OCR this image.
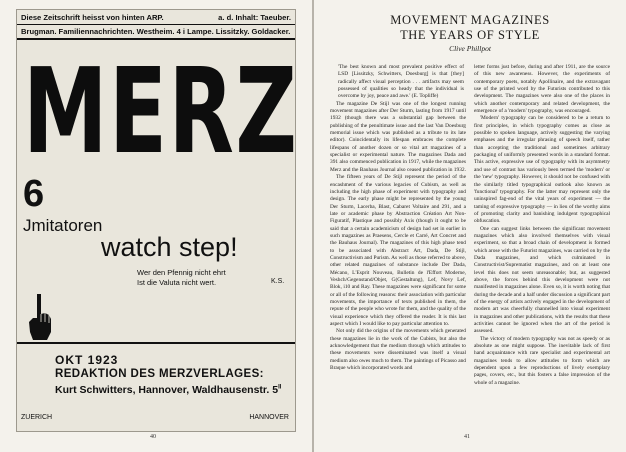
Diese Zeitschrift heisst von hinten ARP.	a. d. Inhalt: Taeuber.
Brugman. Familiennachrichten. Westheim. 4 i Lampe. Lissitzky. Goldacker.
MERZ
6
Jmitatoren
watch step!
Wer den Pfennig nicht ehrt
Ist die Valuta nicht wert.	K.S.
OKT 1923
REDAKTION DES MERZVERLAGES:
Kurt Schwitters, Hannover, Waldhausenstr. $5^{II}$
ZUERICH	HANNOVER
40
MOVEMENT MAGAZINES
THE YEARS OF STYLE
Clive Phillpot

'The best known and most prevalent positive effect of LSD [Lissitzky, Schwitters, Doesburg] is that [they] radically affect visual perception . . . artifacts may seem possessed of qualities so heady that the individual is overcome by joy, peace and awe.' (E. Topliffe)

The magazine De Stijl was one of the longest running movement magazines after Der Sturm, lasting from 1917 until 1932 (though there was a substantial gap between the publishing of the penultimate issue and the last Van Doesburg memorial issue which was published as a tribute to its late editor). Coincidentally its lifespan embraces the complete lifespans of another dozen or so vital art magazines of a specialist or experimental nature. The magazines Dada and 391 also commenced publication in 1917, while the magazines Merz and the Bauhaus Journal also ceased publication in 1932.

The fifteen years of De Stijl represent the period of the encashment of the various legacies of Cubism, as well as including the high phase of experiment with typography and design. The early phase might be represented by the young Der Sturm, Lacerba, Blast, Cabaret Voltaire and 291, and a late or academic phase by Abstraction Création Art Non-Figuratif, Plastique and possibly Axis (though it ought to be said that a certain academicism of design had set in earlier in such magazines as Praesens, Cercle et Carré, Art Concret and the Bauhaus Journal). The magazines of this high phase tend to be associated with Abstract Art, Dada, De Stijl, Constructivism and Purism. As well as those referred to above, other related magazines of substance include Der Dada, Mécano, L'Esprit Nouveau, Bulletin de l'Effort Moderne, Veshch/Gegenstand/Objet, G(Gestaltung), Lef, Novy Lef, Blok, i10 and Ray. These magazines were significant for some or all of the following reasons: their association with particular movements, the importance of texts published in them, the repute of the people who wrote for them, and the quality of the visual experience which they offered the reader. It is this last aspect which I would like to pay particular attention to.

Not only did the origins of the movements which generated these magazines lie in the work of the Cubists, but also the acknowledgement that the medium through which attitudes to these movements were disseminated was itself a visual medium also owes much to them. The paintings of Picasso and Braque which incorporated words and

letter forms just before, during and after 1911, are the source of this new awareness. However, the experiments of contemporary poets, notably Apollinaire, and the extravagant use of the printed word by the Futurists contributed to this development. The magazines were also one of the places in which another contemporary and related development, the emergence of a 'modern' typography, was encouraged.

'Modern' typography can be considered to be a return to first principles, in which typography comes as close as possible to spoken language, actively suggesting the varying emphases and the irregular phrasing of speech itself, rather than accepting the traditional and sometimes arbitrary packaging of uniformly presented words in a standard format. This active, expressive use of typography with its asymmetry and use of contrast has variously been termed the 'modern' or the 'new' typography. However, it should not be confused with the similarly titled typographical outlook also known as 'functional' typography. For the latter may represent only the uninspired fag-end of the vital years of experiment — the taming of expressive typography — in lieu of the worthy aims of promoting clarity and banishing indulgent typographical obfuscation.

One can suggest links between the significant movement magazines which also involved themselves with visual experiment, so that a broad chain of development is formed which arose with the Futurist magazines, was carried on by the Dada magazines, and which culminated in Constructivist/Suprematist magazines, and on at least one level this does not seem unreasonable; but, as suggested above, the forces behind this development were not manifested in magazines alone. Even so, it is worth noting that during the decade and a half under discussion a significant part of the energy of artists actively engaged in the development of modern art was cheerfully channelled into visual experiment in magazines and other publications, with the results that these activities cannot be ignored when the art of the period is assessed.

The victory of modern typography was not as speedy or as absolute as one might suppose. The inevitable lack of first hand acquaintance with rare specialist and experimental art magazines tends to allow attitudes to form which are dependent upon a few reproductions of lively exemplary pages, covers, etc., but this fosters a false impression of the whole of a magazine.

41
